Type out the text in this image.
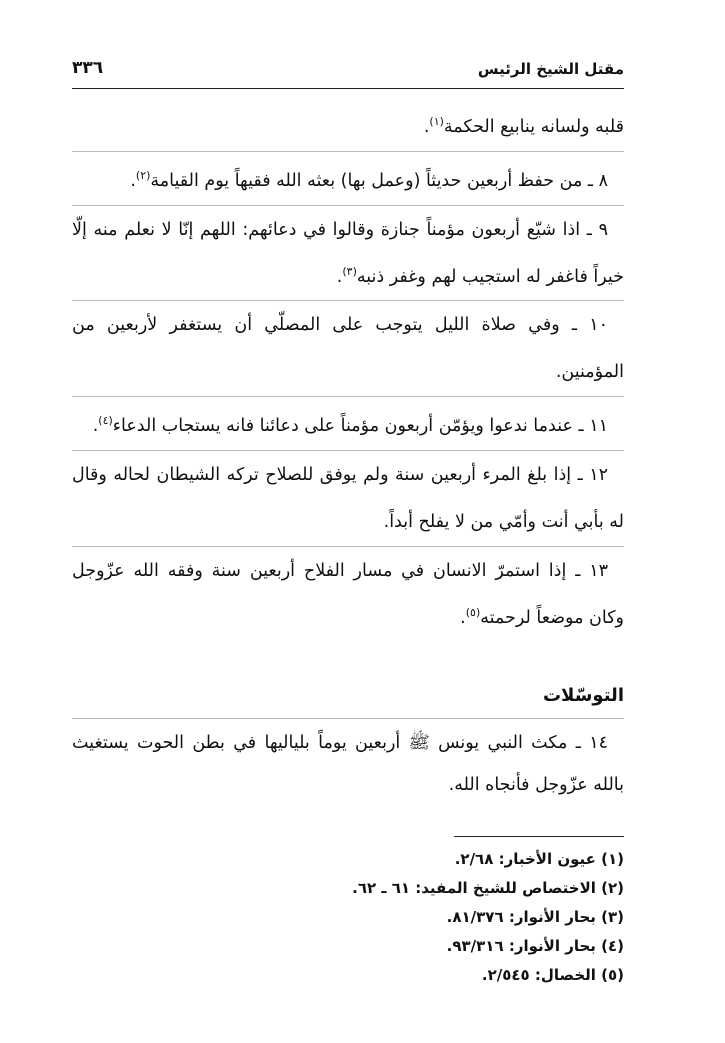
مقتل الشيخ الرئيس
٣٣٦

قلبه ولسانه ينابيع الحكمة$^{(١)}$.

٨ ـ من حفظ أربعين حديثاً (وعمل بها) بعثه الله فقيهاً يوم القيامة$^{(٢)}$.

٩ ـ اذا شيّع أربعون مؤمناً جنازة وقالوا في دعائهم: اللهم إنّا لا نعلم منه إلّا خيراً فاغفر له استجيب لهم وغفر ذنبه$^{(٣)}$.

١٠ ـ وفي صلاة الليل يتوجب على المصلّي أن يستغفر لأربعين من المؤمنين.

١١ ـ عندما ندعوا ويؤمّن أربعون مؤمناً على دعائنا فانه يستجاب الدعاء$^{(٤)}$.

١٢ ـ إذا بلغ المرء أربعين سنة ولم يوفق للصلاح تركه الشيطان لحاله وقال له بأبي أنت وأمّي من لا يفلح أبداً.

١٣ ـ إذا استمرّ الانسان في مسار الفلاح أربعين سنة وفقه الله عزّوجل وكان موضعاً لرحمته$^{(٥)}$.

التوسّلات

١٤ ـ مكث النبي يونس ﷺ أربعين يوماً بلياليها في بطن الحوت يستغيث بالله عزّوجل فأنجاه الله.

(١) عيون الأخبار: ٢/٦٨.

(٢) الاختصاص للشيخ المفيد: ٦١ ـ ٦٢.

(٣) بحار الأنوار: ٨١/٣٧٦.

(٤) بحار الأنوار: ٩٣/٣١٦.

(٥) الخصال: ٢/٥٤٥.
